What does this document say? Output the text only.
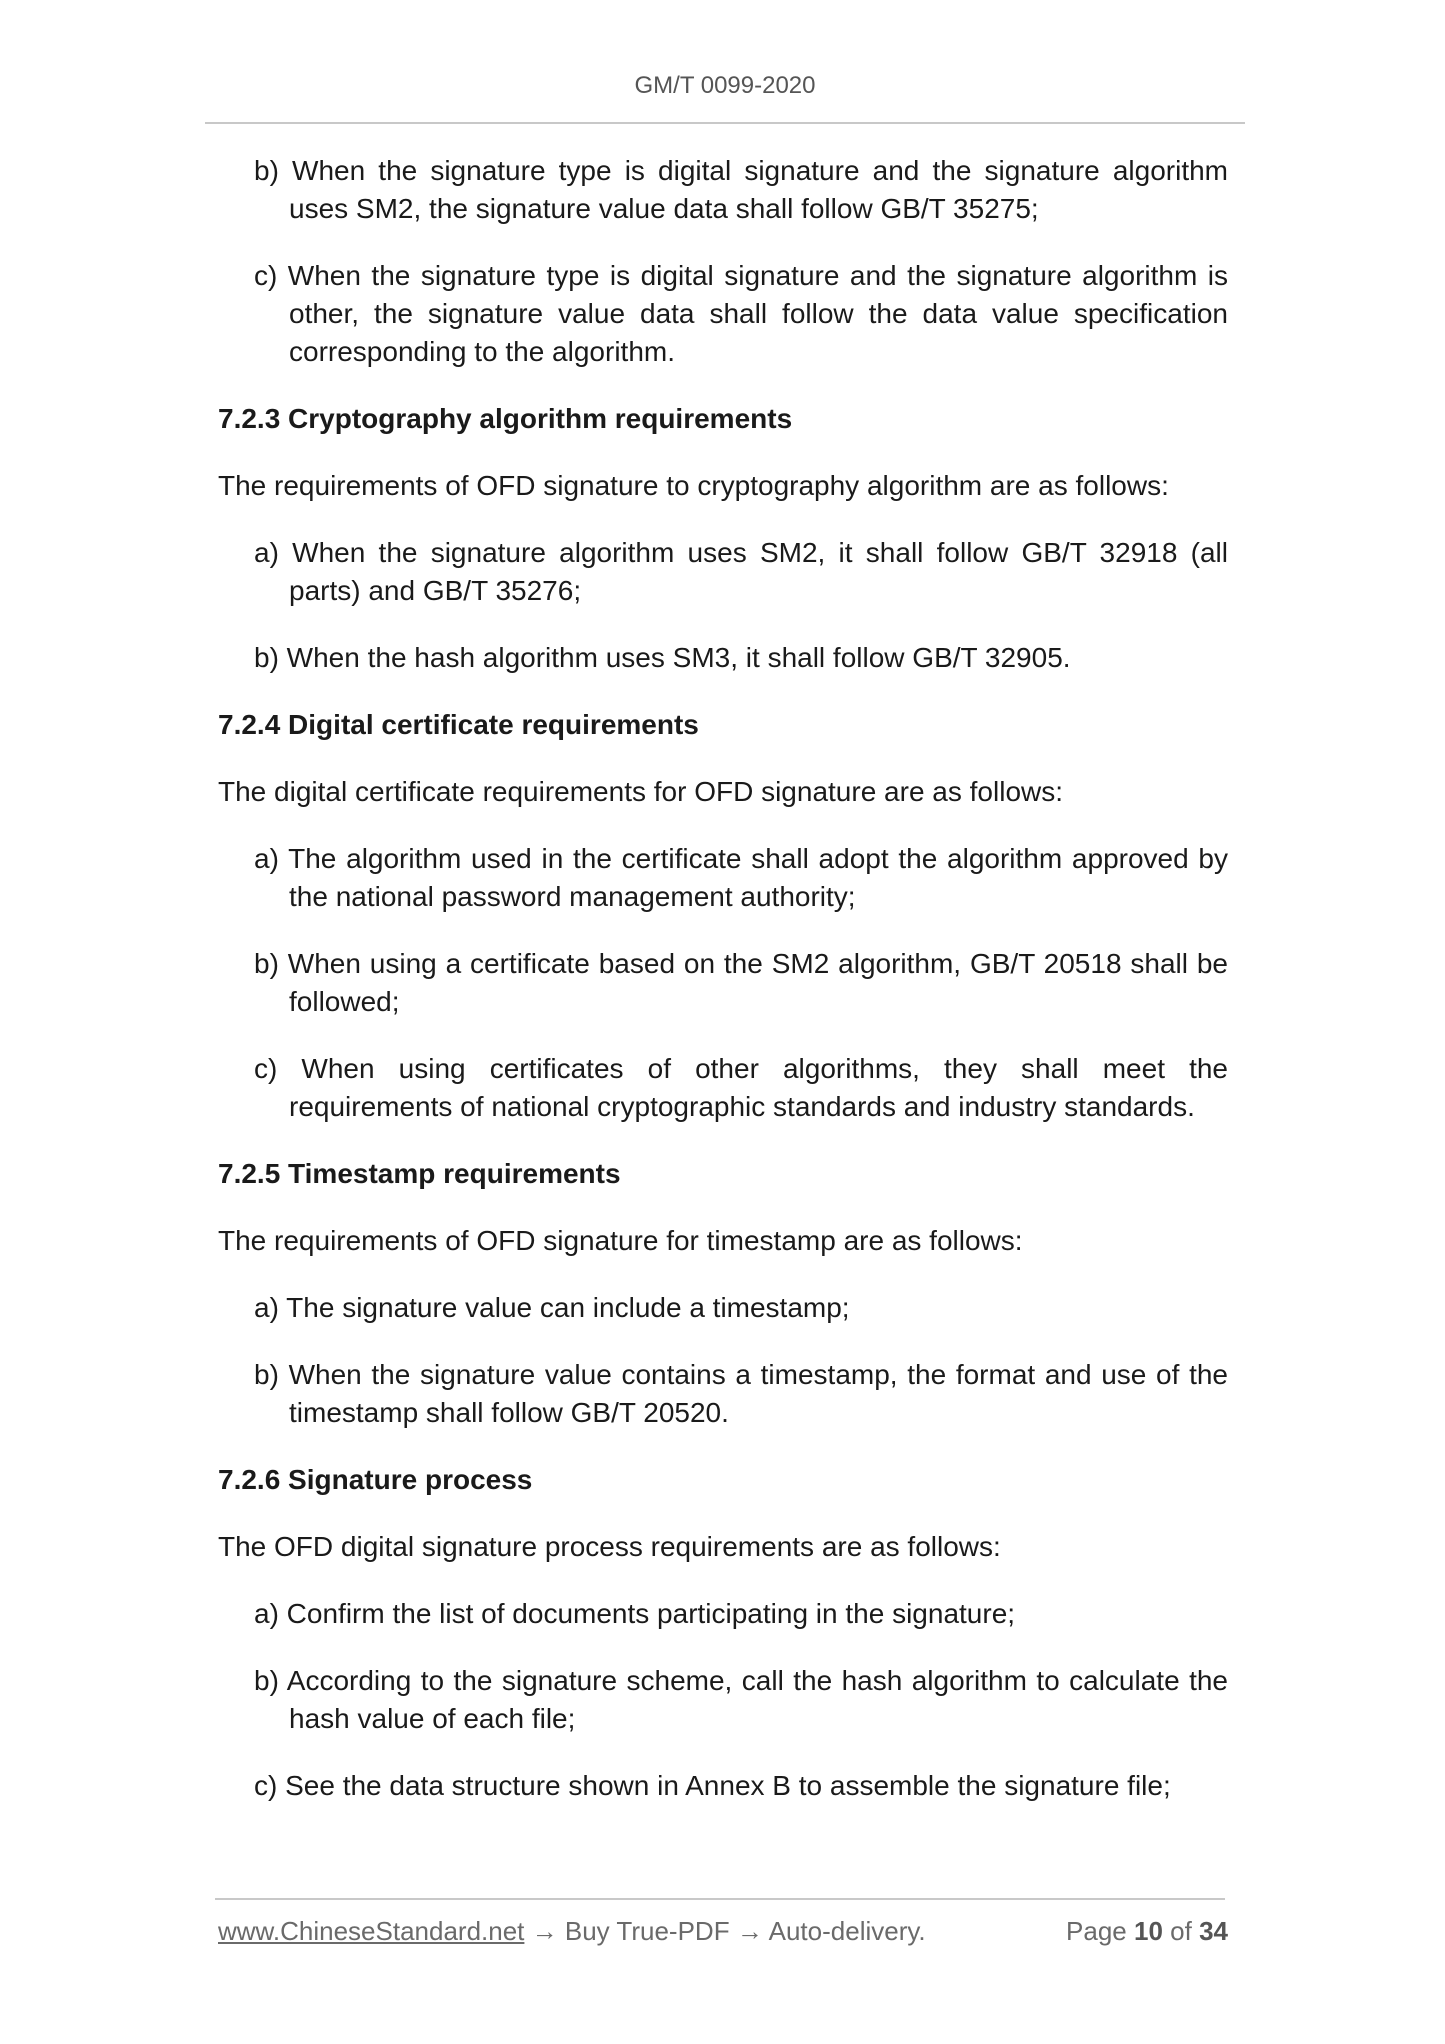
GM/T 0099-2020
b) When the signature type is digital signature and the signature algorithm uses SM2, the signature value data shall follow GB/T 35275;
c) When the signature type is digital signature and the signature algorithm is other, the signature value data shall follow the data value specification corresponding to the algorithm.
7.2.3 Cryptography algorithm requirements
The requirements of OFD signature to cryptography algorithm are as follows:
a) When the signature algorithm uses SM2, it shall follow GB/T 32918 (all parts) and GB/T 35276;
b) When the hash algorithm uses SM3, it shall follow GB/T 32905.
7.2.4 Digital certificate requirements
The digital certificate requirements for OFD signature are as follows:
a) The algorithm used in the certificate shall adopt the algorithm approved by the national password management authority;
b) When using a certificate based on the SM2 algorithm, GB/T 20518 shall be followed;
c) When using certificates of other algorithms, they shall meet the requirements of national cryptographic standards and industry standards.
7.2.5 Timestamp requirements
The requirements of OFD signature for timestamp are as follows:
a) The signature value can include a timestamp;
b) When the signature value contains a timestamp, the format and use of the timestamp shall follow GB/T 20520.
7.2.6 Signature process
The OFD digital signature process requirements are as follows:
a) Confirm the list of documents participating in the signature;
b) According to the signature scheme, call the hash algorithm to calculate the hash value of each file;
c) See the data structure shown in Annex B to assemble the signature file;
www.ChineseStandard.net → Buy True-PDF → Auto-delivery.	Page 10 of 34
